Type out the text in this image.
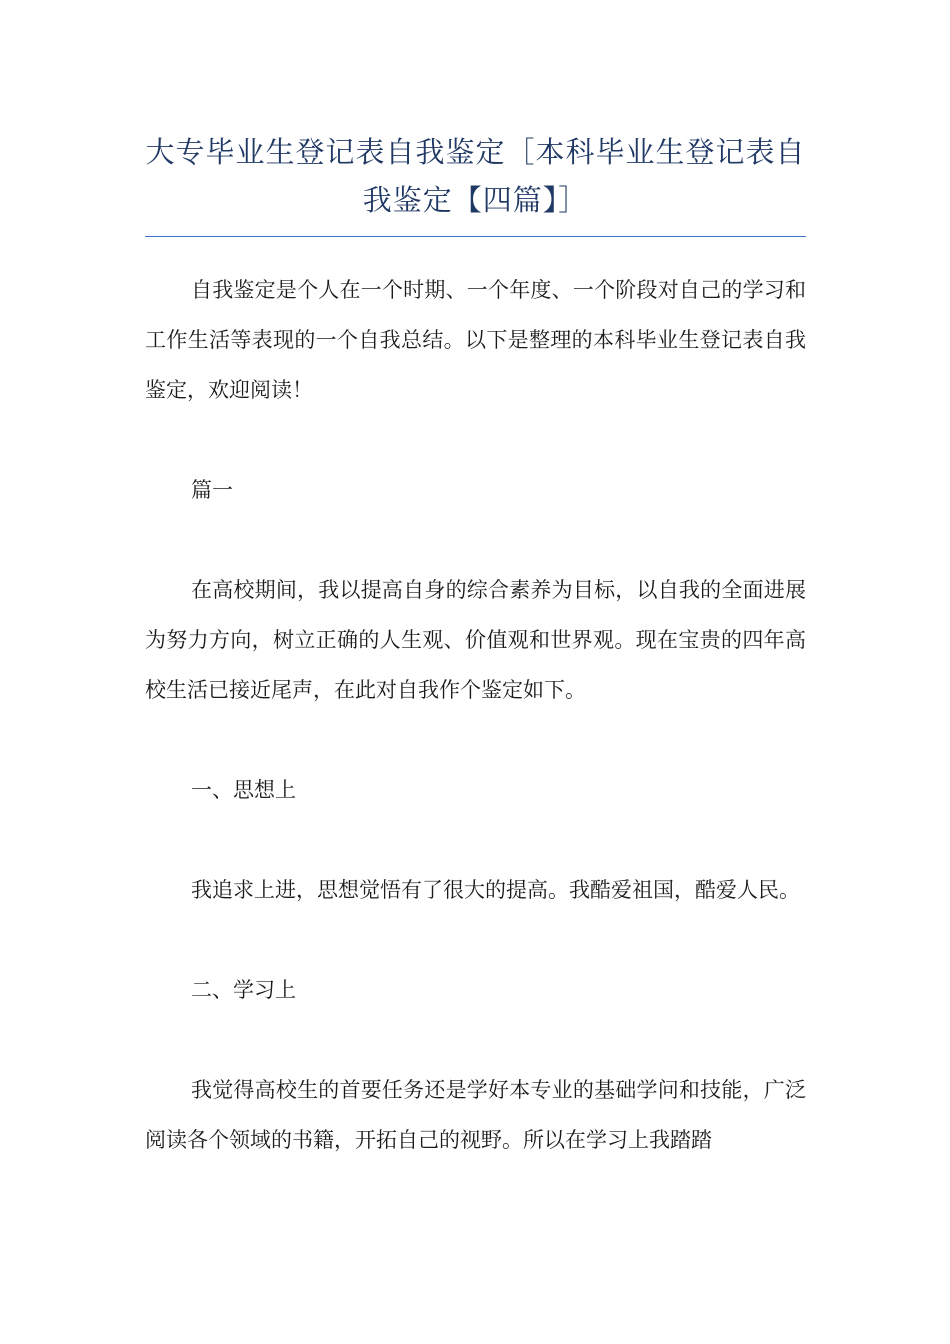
大专毕业生登记表自我鉴定［本科毕业生登记表自我鉴定【四篇】］

自我鉴定是个人在一个时期、一个年度、一个阶段对自己的学习和工作生活等表现的一个自我总结。以下是整理的本科毕业生登记表自我鉴定，欢迎阅读！

篇一

在高校期间，我以提高自身的综合素养为目标，以自我的全面进展为努力方向，树立正确的人生观、价值观和世界观。现在宝贵的四年高校生活已接近尾声，在此对自我作个鉴定如下。

一、思想上

我追求上进，思想觉悟有了很大的提高。我酷爱祖国，酷爱人民。

二、学习上

我觉得高校生的首要任务还是学好本专业的基础学问和技能，广泛阅读各个领域的书籍，开拓自己的视野。所以在学习上我踏踏
